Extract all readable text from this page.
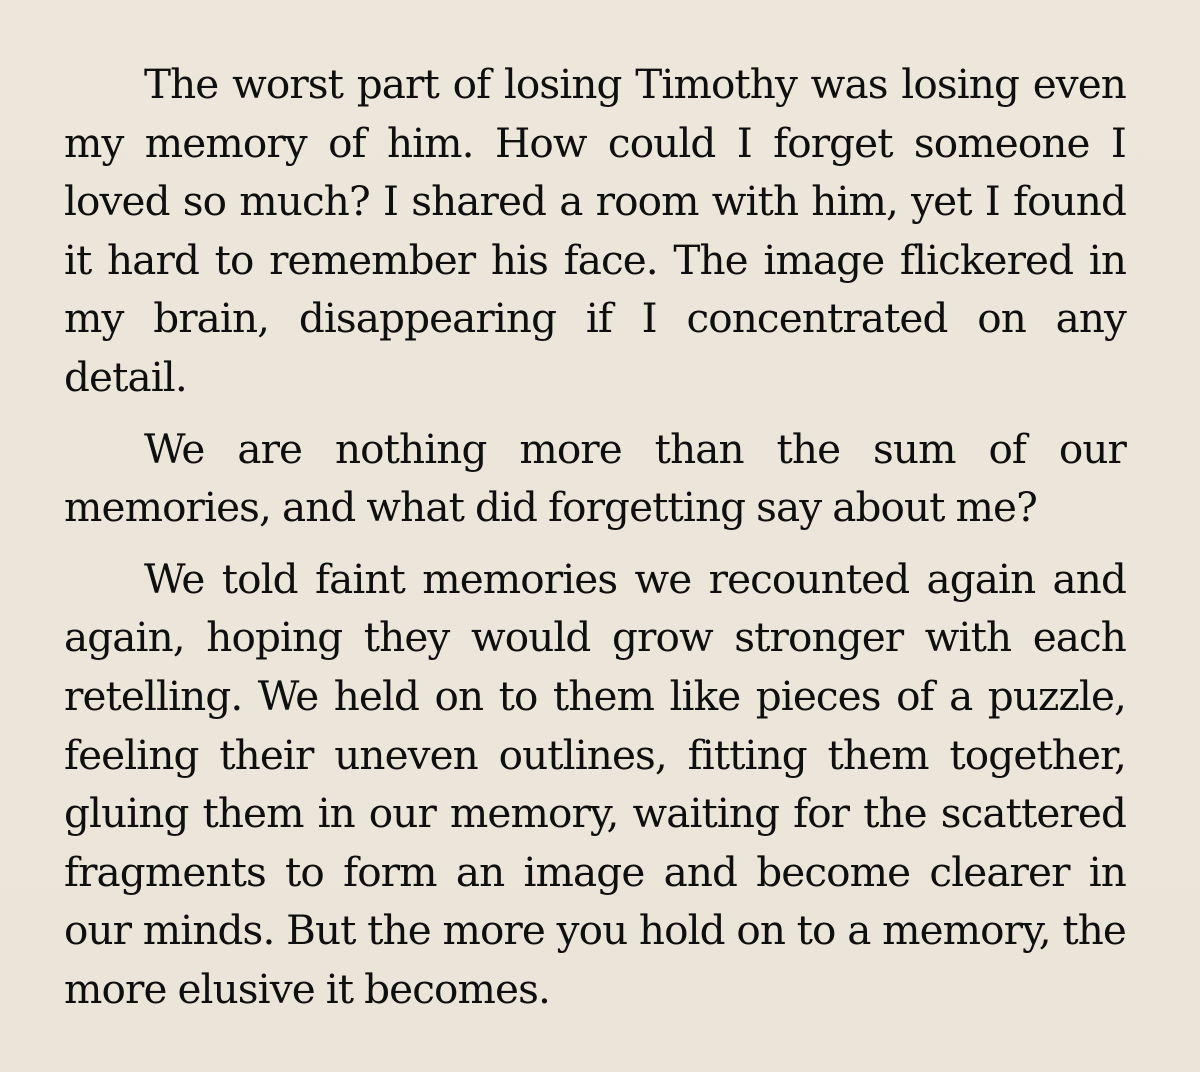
The worst part of losing Timothy was losing even my memory of him. How could I forget someone I loved so much? I shared a room with him, yet I found it hard to remember his face. The image flickered in my brain, disappearing if I concentrated on any detail.

We are nothing more than the sum of our memories, and what did forgetting say about me?

We told faint memories we recounted again and again, hoping they would grow stronger with each retelling. We held on to them like pieces of a puzzle, feeling their uneven outlines, fitting them together, gluing them in our memory, waiting for the scattered fragments to form an image and become clearer in our minds. But the more you hold on to a memory, the more elusive it becomes.
